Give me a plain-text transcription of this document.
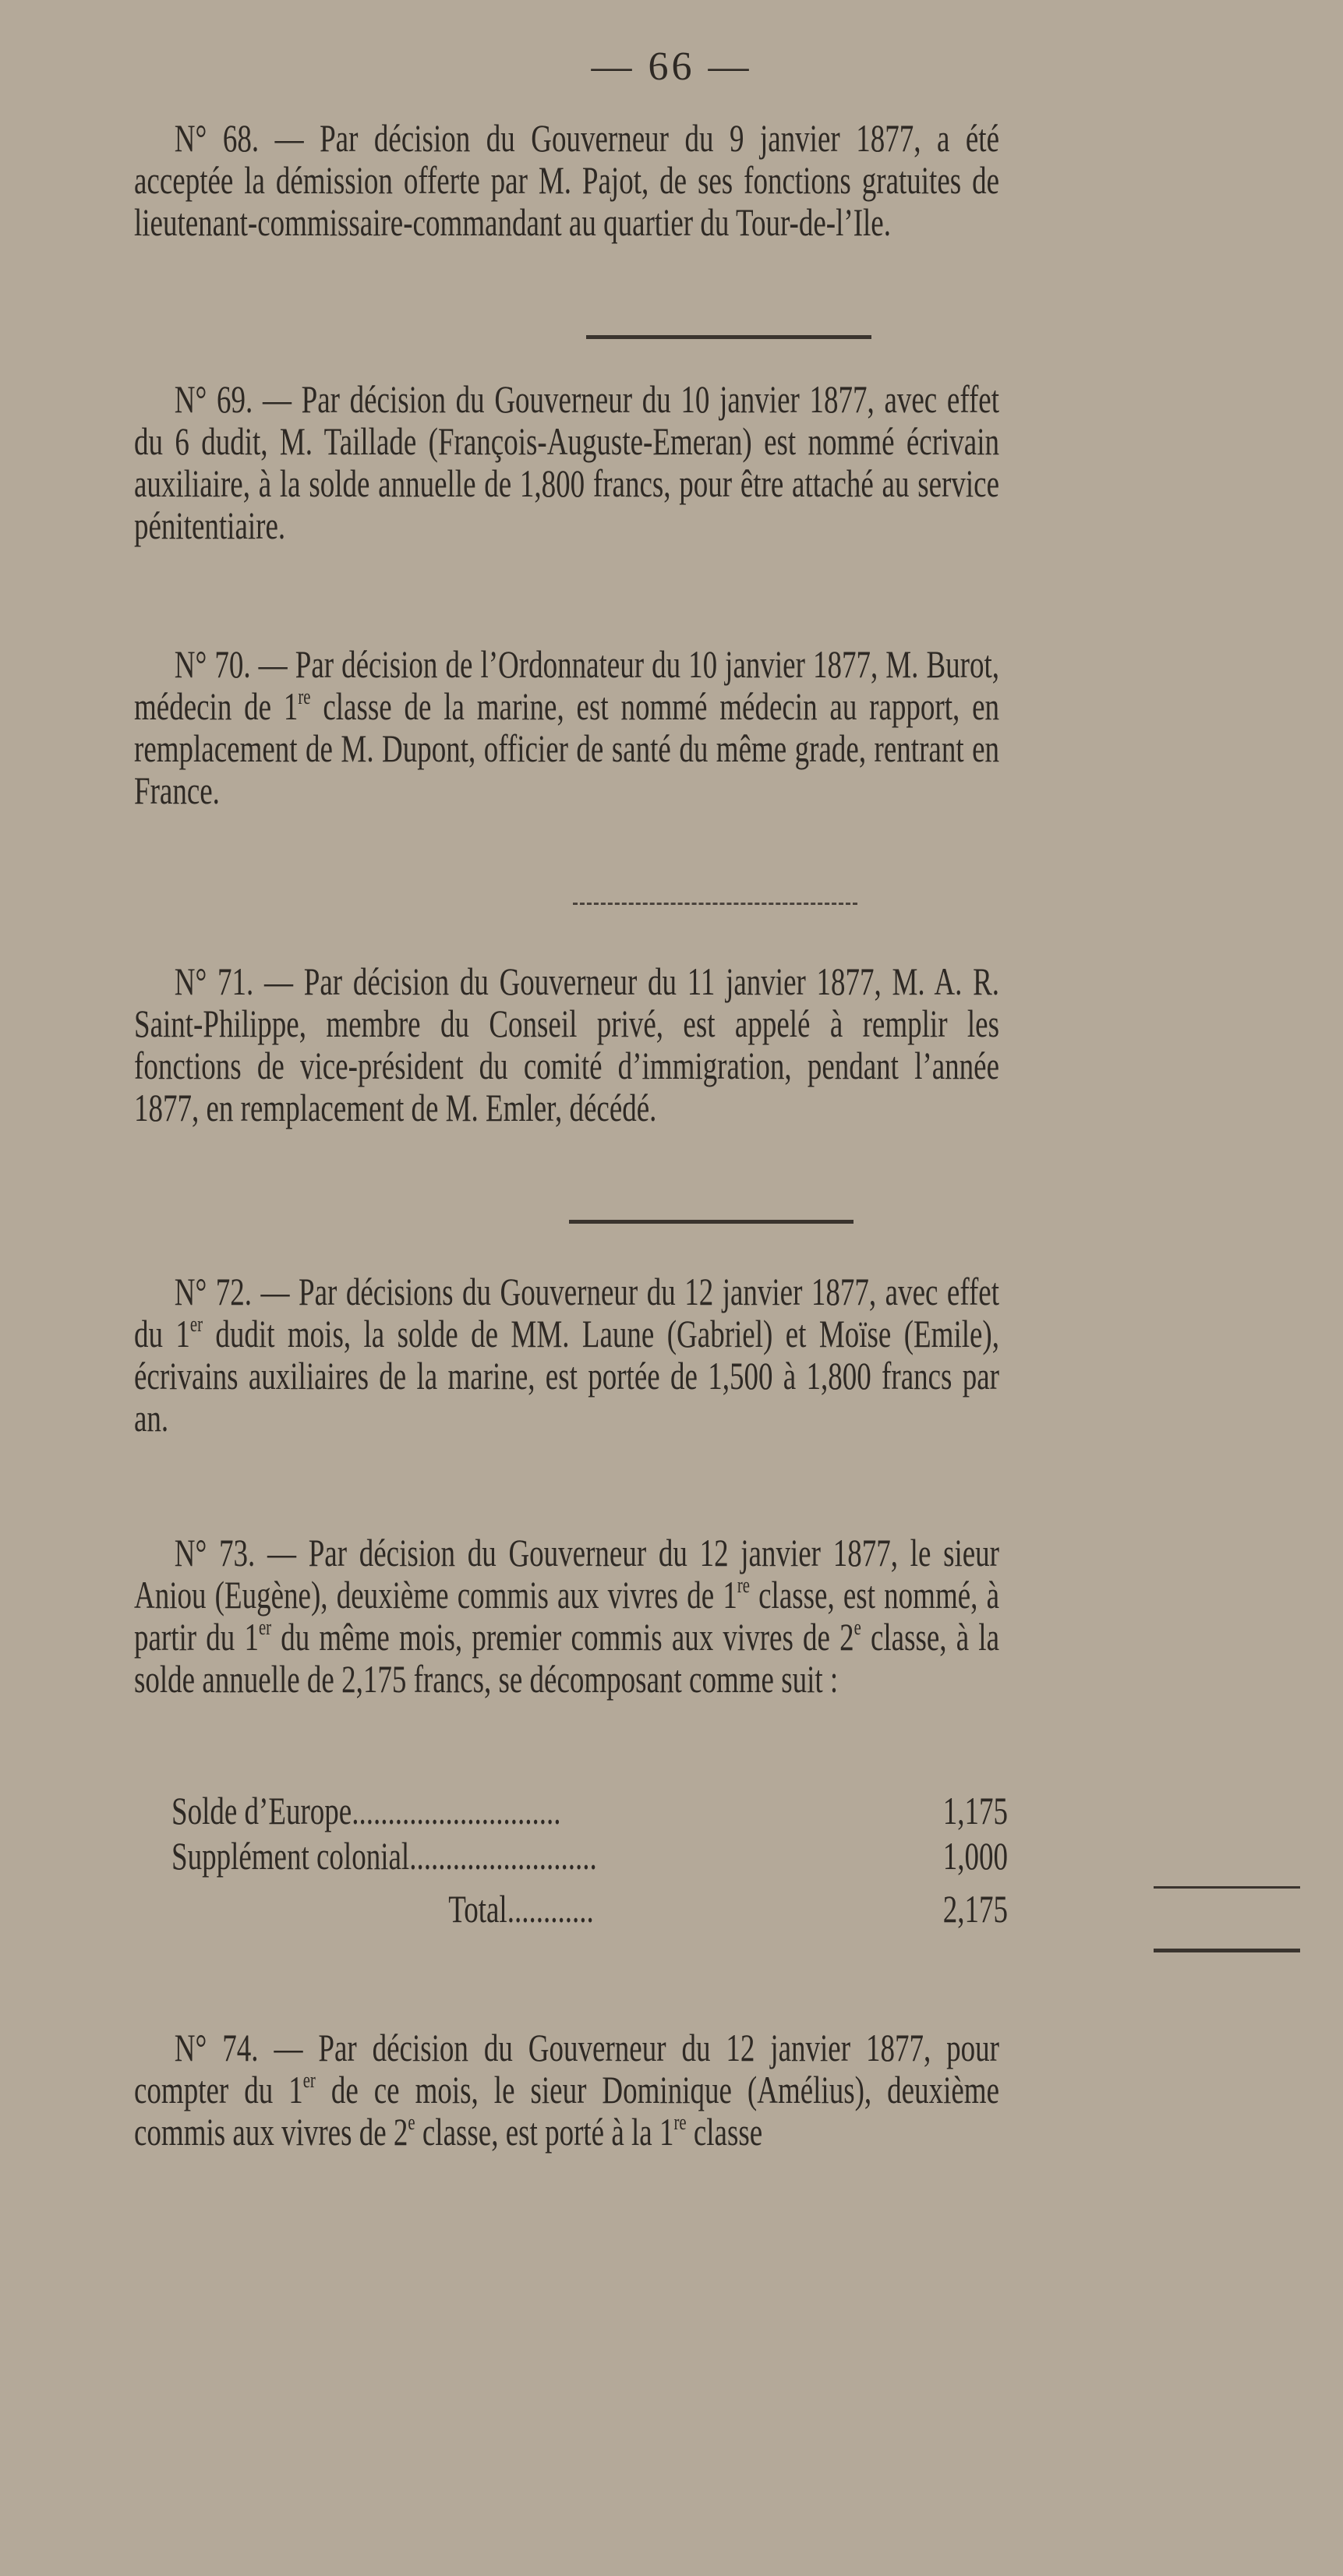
— 66 —

N° 68. — Par décision du Gouverneur du 9 janvier 1877, a été acceptée la démission offerte par M. Pajot, de ses fonctions gratuites de lieutenant-commissaire-commandant au quartier du Tour-de-l’Ile.

N° 69. — Par décision du Gouverneur du 10 janvier 1877, avec effet du 6 dudit, M. Taillade (François-Auguste-Emeran) est nommé écrivain auxiliaire, à la solde annuelle de 1,800 francs, pour être attaché au service pénitentiaire.

N° 70. — Par décision de l’Ordonnateur du 10 janvier 1877, M. Burot, médecin de 1re classe de la marine, est nommé médecin au rapport, en remplacement de M. Dupont, officier de santé du même grade, rentrant en France.

N° 71. — Par décision du Gouverneur du 11 janvier 1877, M. A. R. Saint-Philippe, membre du Conseil privé, est appelé à remplir les fonctions de vice-président du comité d’immigration, pendant l’année 1877, en remplacement de M. Emler, décédé.

N° 72. — Par décisions du Gouverneur du 12 janvier 1877, avec effet du 1er dudit mois, la solde de MM. Laune (Gabriel) et Moïse (Emile), écrivains auxiliaires de la marine, est portée de 1,500 à 1,800 francs par an.

N° 73. — Par décision du Gouverneur du 12 janvier 1877, le sieur Aniou (Eugène), deuxième commis aux vivres de 1re classe, est nommé, à partir du 1er du même mois, premier commis aux vivres de 2e classe, à la solde annuelle de 2,175 francs, se décomposant comme suit :

Solde d’Europe.............................	1,175
Supplément colonial..........................	1,000
Total............	2,175

N° 74. — Par décision du Gouverneur du 12 janvier 1877, pour compter du 1er de ce mois, le sieur Dominique (Amélius), deuxième commis aux vivres de 2e classe, est porté à la 1re classe
